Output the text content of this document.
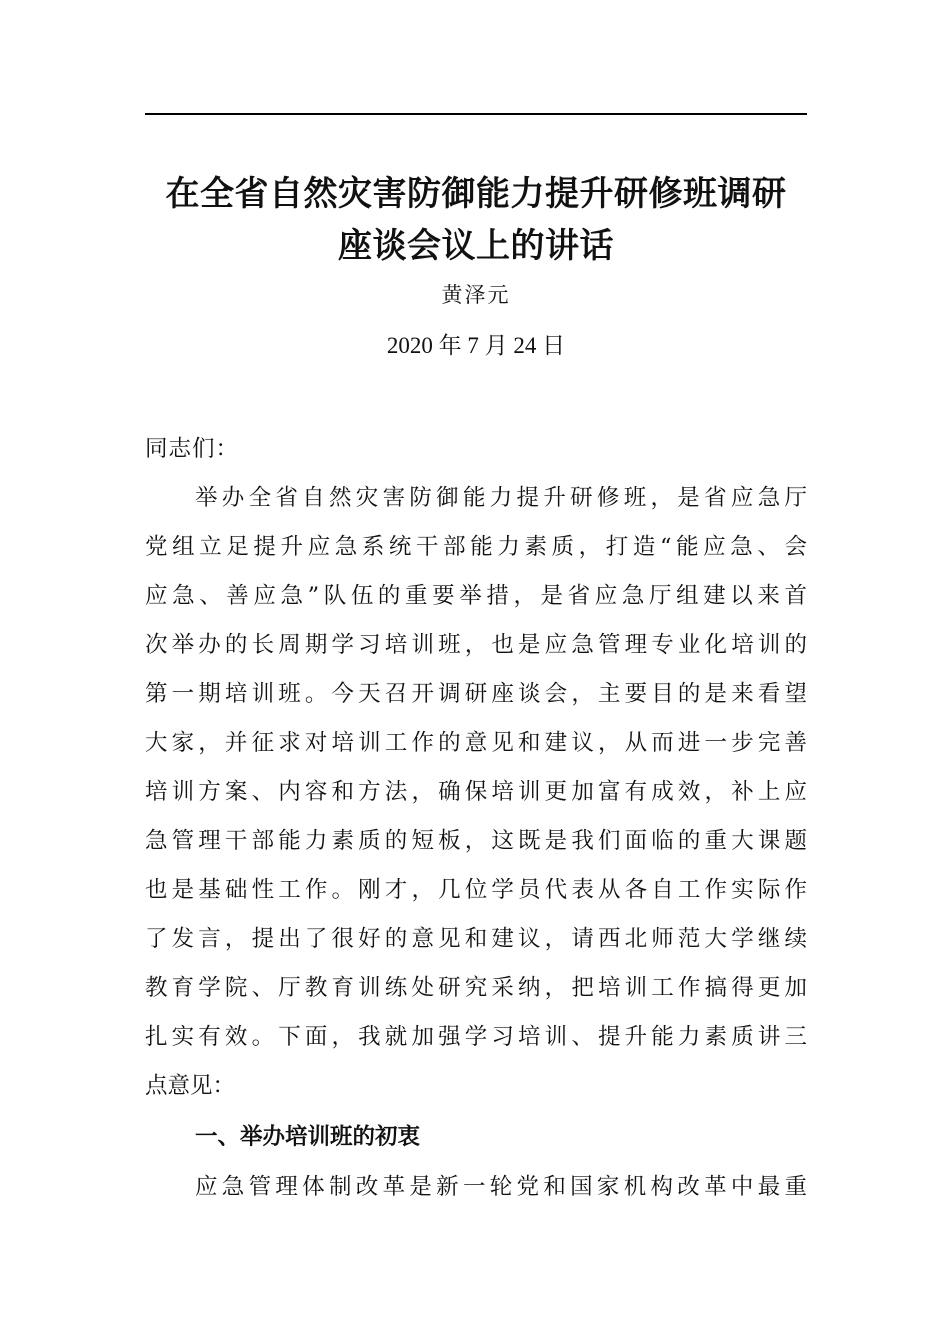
在全省自然灾害防御能力提升研修班调研
座谈会议上的讲话
黄泽元
2020 年 7 月 24 日
同志们：
举办全省自然灾害防御能力提升研修班，是省应急厅
党组立足提升应急系统干部能力素质，打造“能应急、会
应急、善应急”队伍的重要举措，是省应急厅组建以来首
次举办的长周期学习培训班，也是应急管理专业化培训的
第一期培训班。今天召开调研座谈会，主要目的是来看望
大家，并征求对培训工作的意见和建议，从而进一步完善
培训方案、内容和方法，确保培训更加富有成效，补上应
急管理干部能力素质的短板，这既是我们面临的重大课题
也是基础性工作。刚才，几位学员代表从各自工作实际作
了发言，提出了很好的意见和建议，请西北师范大学继续
教育学院、厅教育训练处研究采纳，把培训工作搞得更加
扎实有效。下面，我就加强学习培训、提升能力素质讲三
点意见：
一、举办培训班的初衷
应急管理体制改革是新一轮党和国家机构改革中最重
